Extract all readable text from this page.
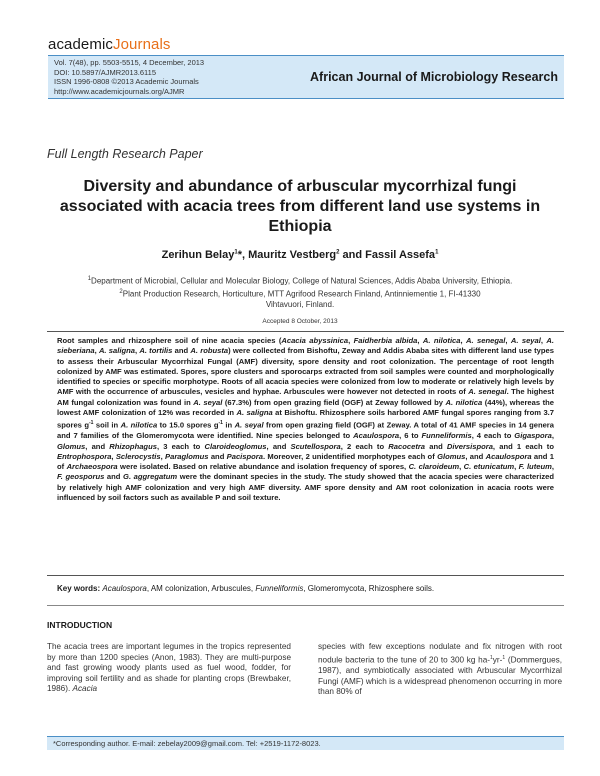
academicJournals
Vol. 7(48), pp. 5503-5515, 4 December, 2013
DOI: 10.5897/AJMR2013.6115
ISSN 1996-0808 ©2013 Academic Journals
http://www.academicjournals.org/AJMR
African Journal of Microbiology Research
Full Length Research Paper
Diversity and abundance of arbuscular mycorrhizal fungi associated with acacia trees from different land use systems in Ethiopia
Zerihun Belay$^1$*, Mauritz Vestberg$^2$ and Fassil Assefa$^1$
$^1$Department of Microbial, Cellular and Molecular Biology, College of Natural Sciences, Addis Ababa University, Ethiopia.
$^2$Plant Production Research, Horticulture, MTT Agrifood Research Finland, Antinniementie 1, FI-41330
Vihtavuori, Finland.
Accepted 8 October, 2013

Root samples and rhizosphere soil of nine acacia species (Acacia abyssinica, Faidherbia albida, A. nilotica, A. senegal, A. seyal, A. sieberiana, A. saligna, A. tortilis and A. robusta) were collected from Bishoftu, Zeway and Addis Ababa sites with different land use types to assess their Arbuscular Mycorrhizal Fungal (AMF) diversity, spore density and root colonization. The percentage of root length colonized by AMF was estimated. Spores, spore clusters and sporocarps extracted from soil samples were counted and morphologically identified to species or specific morphotype. Roots of all acacia species were colonized from low to moderate or relatively high levels by AMF with the occurrence of arbuscules, vesicles and hyphae. Arbuscules were however not detected in roots of A. senegal. The highest AM fungal colonization was found in A. seyal (67.3%) from open grazing field (OGF) at Zeway followed by A. nilotica (44%), whereas the lowest AMF colonization of 12% was recorded in A. saligna at Bishoftu. Rhizosphere soils harbored AMF fungal spores ranging from 3.7 spores $g^{-1}$ soil in A. nilotica to 15.0 spores $g^{-1}$ in A. seyal from open grazing field (OGF) at Zeway. A total of 41 AMF species in 14 genera and 7 families of the Glomeromycota were identified. Nine species belonged to Acaulospora, 6 to Funneliformis, 4 each to Gigaspora, Glomus, and Rhizophagus, 3 each to Claroideoglomus, and Scutellospora, 2 each to Racocetra and Diversispora, and 1 each to Entrophospora, Sclerocystis, Paraglomus and Pacispora. Moreover, 2 unidentified morphotypes each of Glomus, and Acaulospora and 1 of Archaeospora were isolated. Based on relative abundance and isolation frequency of spores, C. claroideum, C. etunicatum, F. luteum, F. geosporus and G. aggregatum were the dominant species in the study. The study showed that the acacia species were characterized by relatively high AMF colonization and very high AMF diversity. AMF spore density and AM root colonization in acacia roots were influenced by soil factors such as available P and soil texture.

Key words: Acaulospora, AM colonization, Arbuscules, Funneliformis, Glomeromycota, Rhizosphere soils.
INTRODUCTION
The acacia trees are important legumes in the tropics represented by more than 1200 species (Anon, 1983). They are multi-purpose and fast growing woody plants used as fuel wood, fodder, for improving soil fertility and as shade for planting crops (Brewbaker, 1986). Acacia
species with few exceptions nodulate and fix nitrogen with root nodule bacteria to the tune of 20 to 300 kg ha-$^1$yr-$^1$ (Dommergues, 1987), and symbiotically associated with Arbuscular Mycorrhizal Fungi (AMF) which is a widespread phenomenon occurring in more than 80% of
*Corresponding author. E-mail: zebelay2009@gmail.com. Tel: +2519-1172-8023.
